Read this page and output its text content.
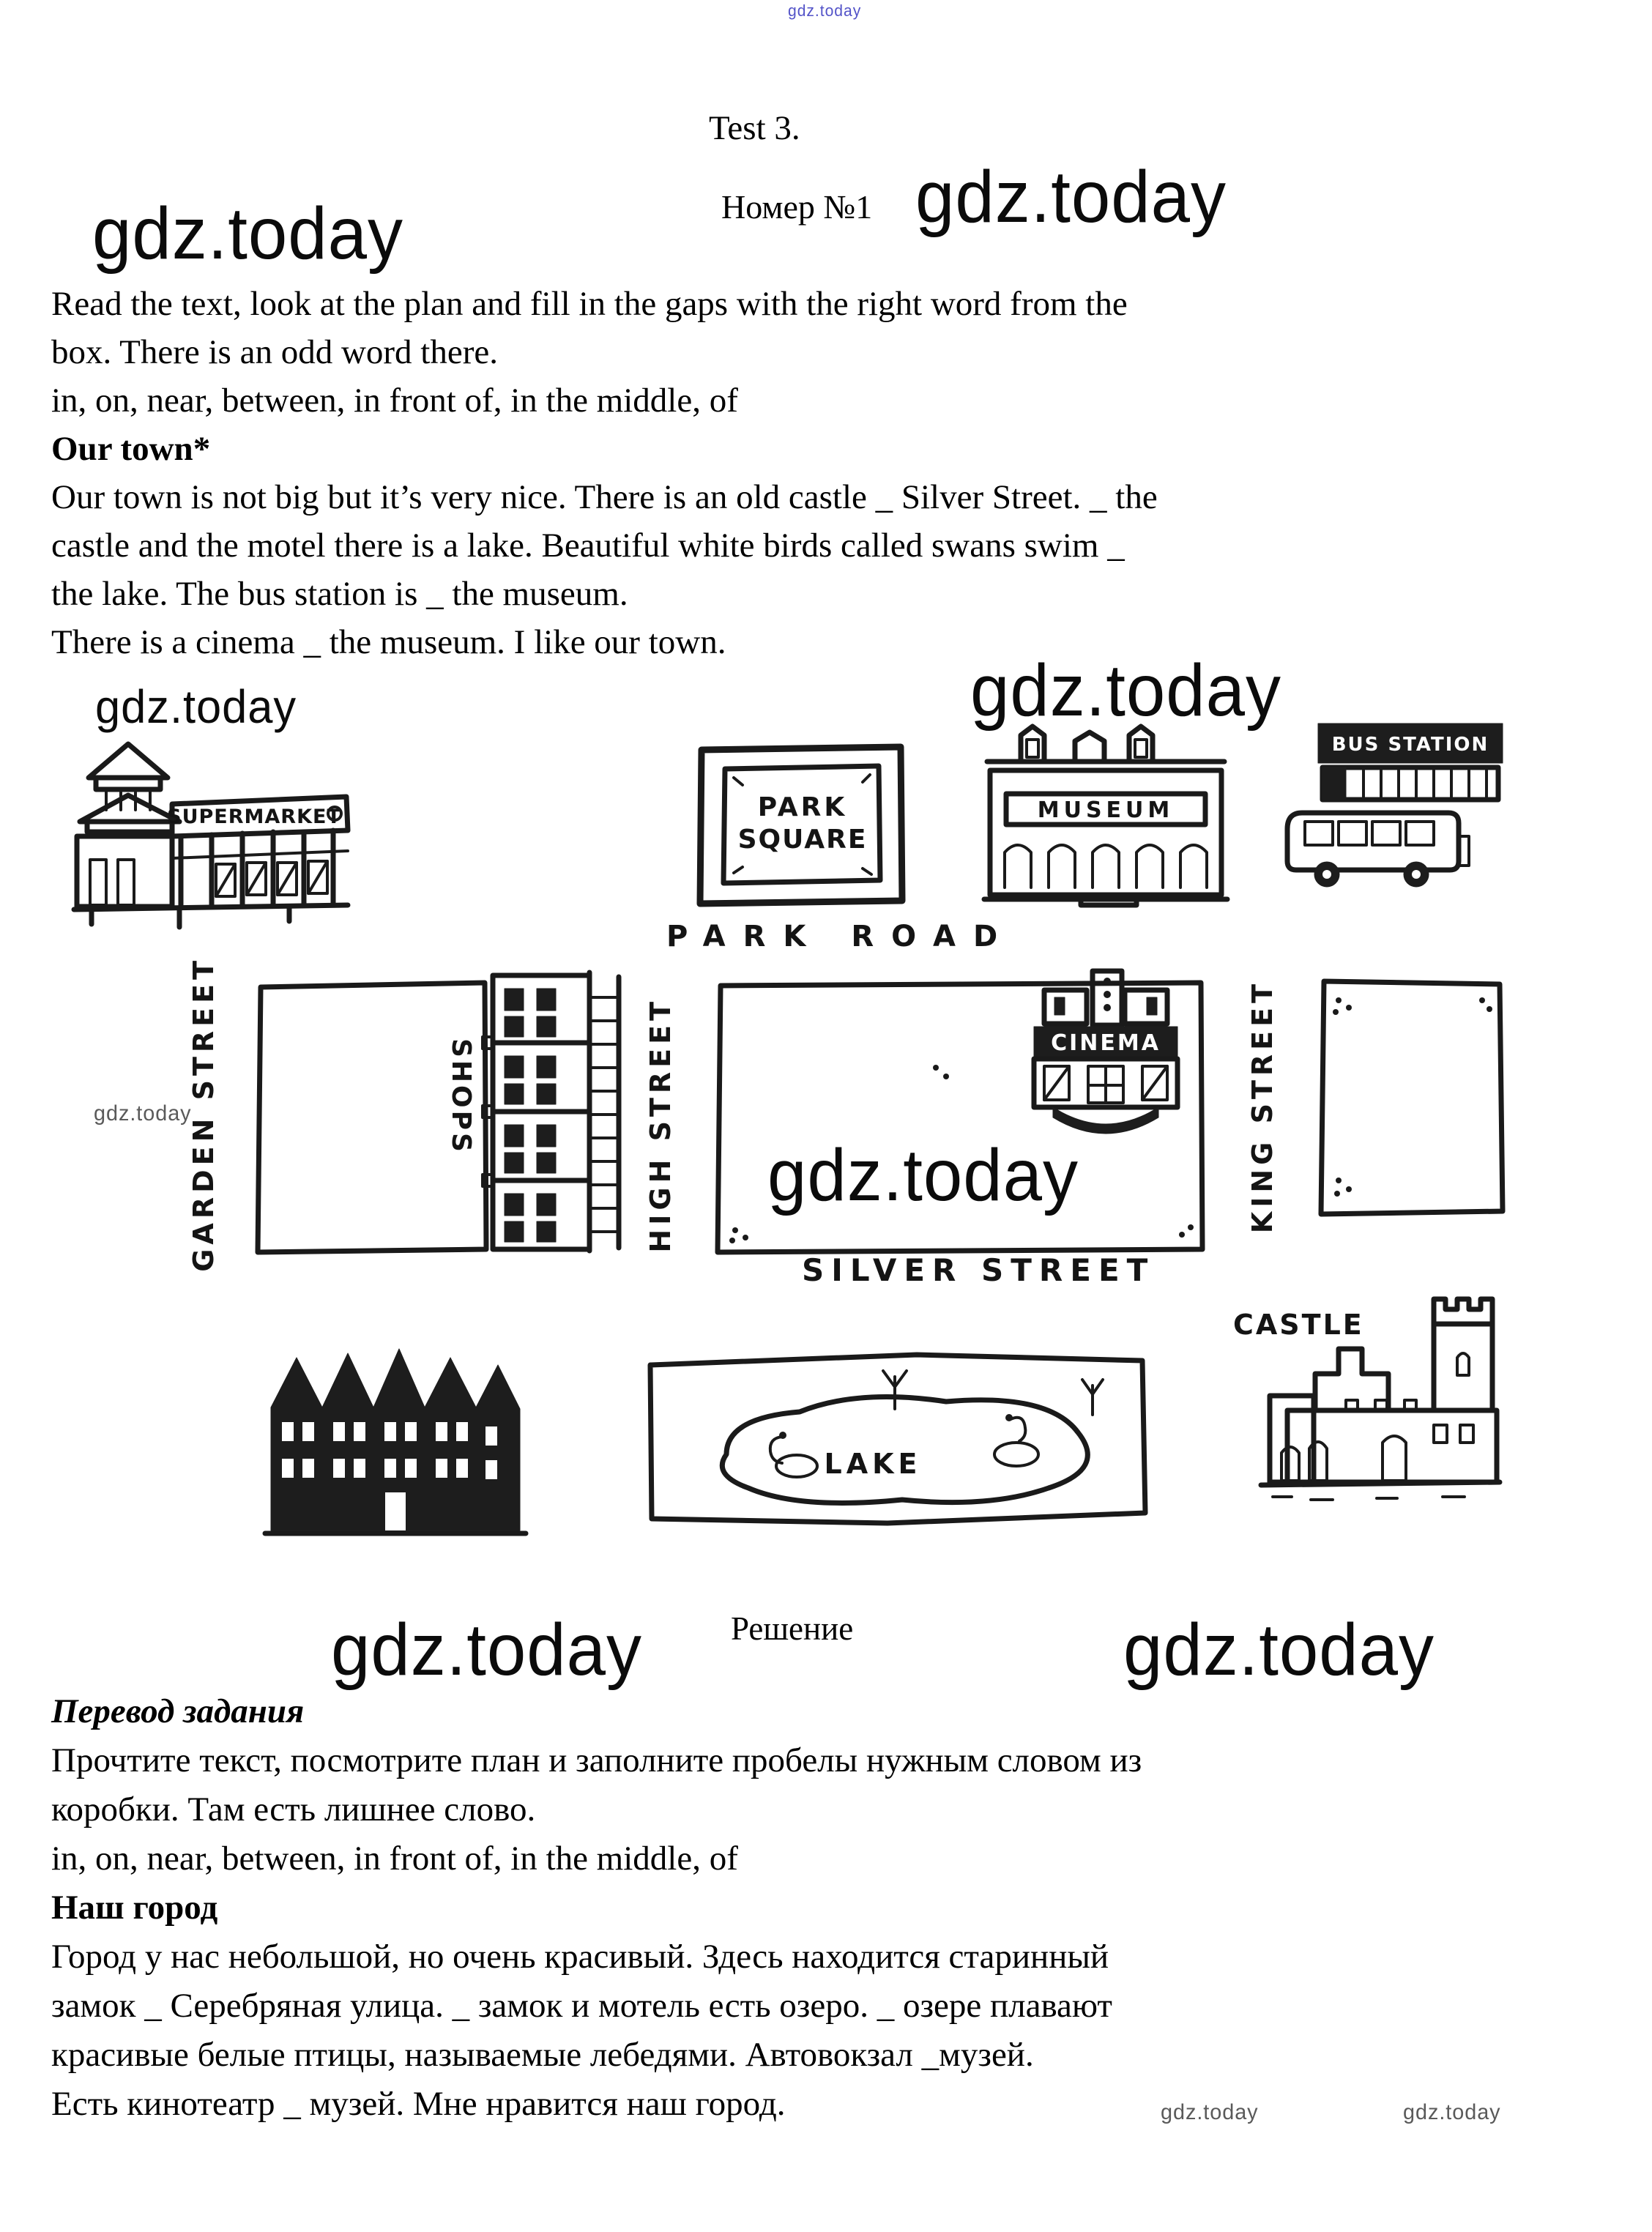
gdz.today
Test 3.
gdz.today	Номер №1 gdz.today
Read the text, look at the plan and fill in the gaps with the right word from the
box. There is an odd word there.
in, on, near, between, in front of, in the middle, of
Our town*
Our town is not big but it’s very nice. There is an old castle _ Silver Street. _ the
castle and the motel there is a lake. Beautiful white birds called swans swim _
the lake. The bus station is _ the museum.
There is a cinema _ the museum. I like our town.
gdz.today	gdz.today
SUPERMARKET	PARK
SQUARE
MUSEUM
BUS STATION
PARK ROAD
GARDEN STREET	SHOPS	HIGH STREET	CINEMA	KING STREET
gdz.today
gdz.today
SILVER STREET
LAKE
CASTLE
gdz.today	Решение	gdz.today
Перевод задания
Прочтите текст, посмотрите план и заполните пробелы нужным словом из
коробки. Там есть лишнее слово.
in, on, near, between, in front of, in the middle, of
Наш город
Город у нас небольшой, но очень красивый. Здесь находится старинный
замок _ Серебряная улица. _ замок и мотель есть озеро. _ озере плавают
красивые белые птицы, называемые лебедями. Автовокзал _музей.
Есть кинотеатр _ музей. Мне нравится наш город.	gdz.today	gdz.today
